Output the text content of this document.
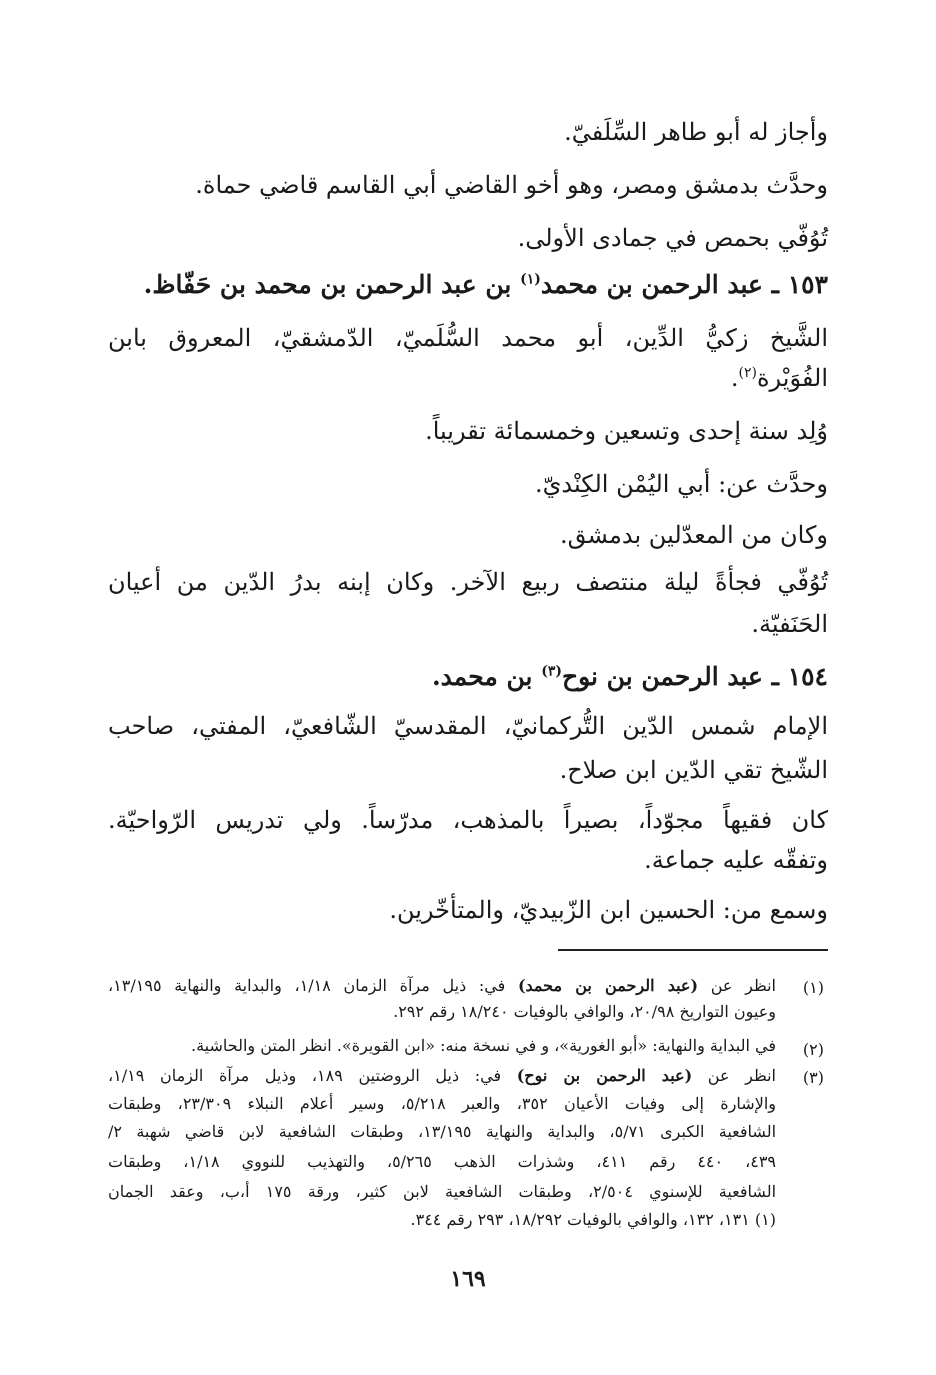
وأجاز له أبو طاهر السِّلَفيّ.
وحدَّث بدمشق ومصر، وهو أخو القاضي أبي القاسم قاضي حماة.
تُوُفّي بحمص في جمادى الأولى.
١٥٣ ـ عبد الرحمن بن محمد$^{(١)}$ بن عبد الرحمن بن محمد بن حَفّاظ.
الشَّيخ زكيُّ الدِّين، أبو محمد السُّلَميّ، الدّمشقيّ، المعروق بابن
الفُوَيْرة$^{(٢)}$.
وُلِد سنة إحدى وتسعين وخمسمائة تقريباً.
وحدَّث عن: أبي اليُمْن الكِنْديّ.
وكان من المعدّلين بدمشق.
تُوُفّي فجأةً ليلة منتصف ربيع الآخر. وكان إبنه بدرُ الدّين من أعيان
الحَنَفيّة.
١٥٤ ـ عبد الرحمن بن نوح$^{(٣)}$ بن محمد.
الإمام شمس الدّين التُّركمانيّ، المقدسيّ الشّافعيّ، المفتي، صاحب
الشّيخ تقي الدّين ابن صلاح.
كان فقيهاً مجوّداً، بصيراً بالمذهب، مدرّساً. ولي تدريس الرّواحيّة.
وتفقّه عليه جماعة.
وسمع من: الحسين ابن الزّبيديّ، والمتأخّرين.
(١)
انظر عن (عبد الرحمن بن محمد) في: ذيل مرآة الزمان ١/١٨، والبداية والنهاية ١٣/١٩٥،
وعيون التواريخ ٢٠/٩٨، والوافي بالوفيات ١٨/٢٤٠ رقم ٢٩٢.
(٢)
في البداية والنهاية: «أبو الغورية»، و في نسخة منه: «ابن القويرة». انظر المتن والحاشية.
(٣)
انظر عن (عبد الرحمن بن نوح) في: ذيل الروضتين ١٨٩، وذيل مرآة الزمان ١/١٩،
والإشارة إلى وفيات الأعيان ٣٥٢، والعبر ٥/٢١٨، وسير أعلام النبلاء ٢٣/٣٠٩، وطبقات
الشافعية الكبرى ٥/٧١، والبداية والنهاية ١٣/١٩٥، وطبقات الشافعية لابن قاضي شهبة ٢/
٤٣٩، ٤٤٠ رقم ٤١١، وشذرات الذهب ٥/٢٦٥، والتهذيب للنووي ١/١٨، وطبقات
الشافعية للإسنوي ٢/٥٠٤، وطبقات الشافعية لابن كثير، ورقة ١٧٥ أ،ب، وعقد الجمان
(١) ١٣١، ١٣٢، والوافي بالوفيات ١٨/٢٩٢، ٢٩٣ رقم ٣٤٤.
١٦٩
